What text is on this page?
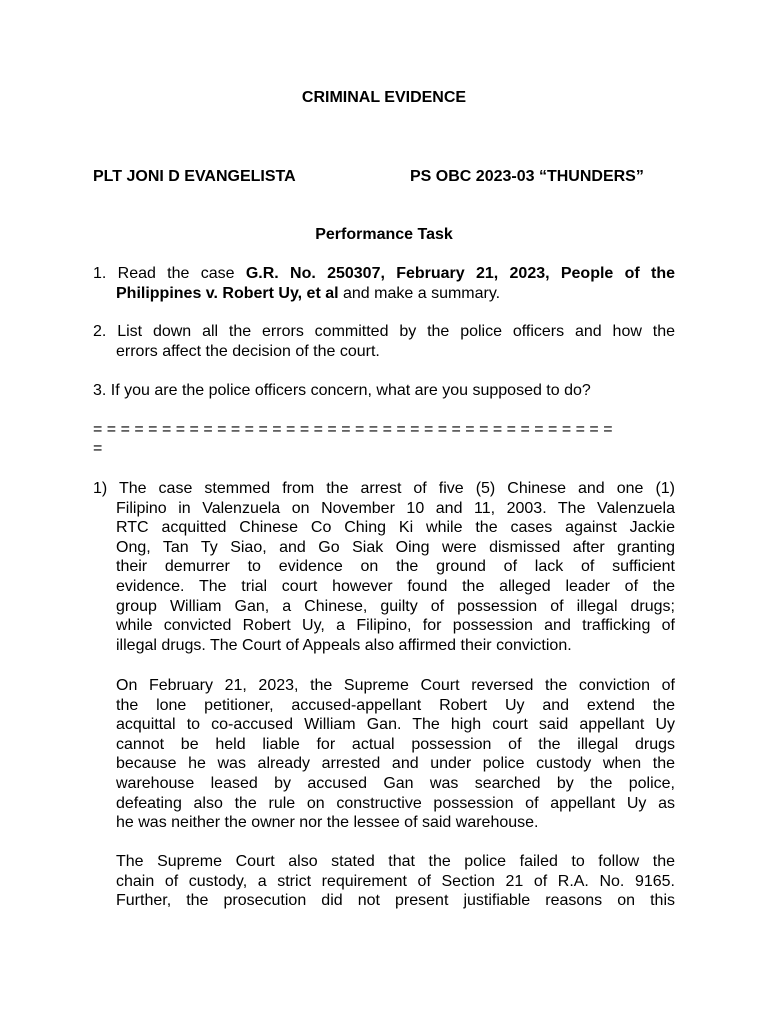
CRIMINAL EVIDENCE
PLT JONI D EVANGELISTA	PS OBC 2023-03 “THUNDERS”
Performance Task
1. Read the case G.R. No. 250307, February 21, 2023, People of the
Philippines v. Robert Uy, et al and make a summary.
2. List down all the errors committed by the police officers and how the
errors affect the decision of the court.
3. If you are the police officers concern, what are you supposed to do?
= = = = = = = = = = = = = = = = = = = = = = = = = = = = = = = = = = = = = =
=
1) The case stemmed from the arrest of five (5) Chinese and one (1)
Filipino in Valenzuela on November 10 and 11, 2003. The Valenzuela
RTC acquitted Chinese Co Ching Ki while the cases against Jackie
Ong, Tan Ty Siao, and Go Siak Oing were dismissed after granting
their demurrer to evidence on the ground of lack of sufficient
evidence. The trial court however found the alleged leader of the
group William Gan, a Chinese, guilty of possession of illegal drugs;
while convicted Robert Uy, a Filipino, for possession and trafficking of
illegal drugs. The Court of Appeals also affirmed their conviction.
On February 21, 2023, the Supreme Court reversed the conviction of
the lone petitioner, accused-appellant Robert Uy and extend the
acquittal to co-accused William Gan. The high court said appellant Uy
cannot be held liable for actual possession of the illegal drugs
because he was already arrested and under police custody when the
warehouse leased by accused Gan was searched by the police,
defeating also the rule on constructive possession of appellant Uy as
he was neither the owner nor the lessee of said warehouse.
The Supreme Court also stated that the police failed to follow the
chain of custody, a strict requirement of Section 21 of R.A. No. 9165.
Further, the prosecution did not present justifiable reasons on this
